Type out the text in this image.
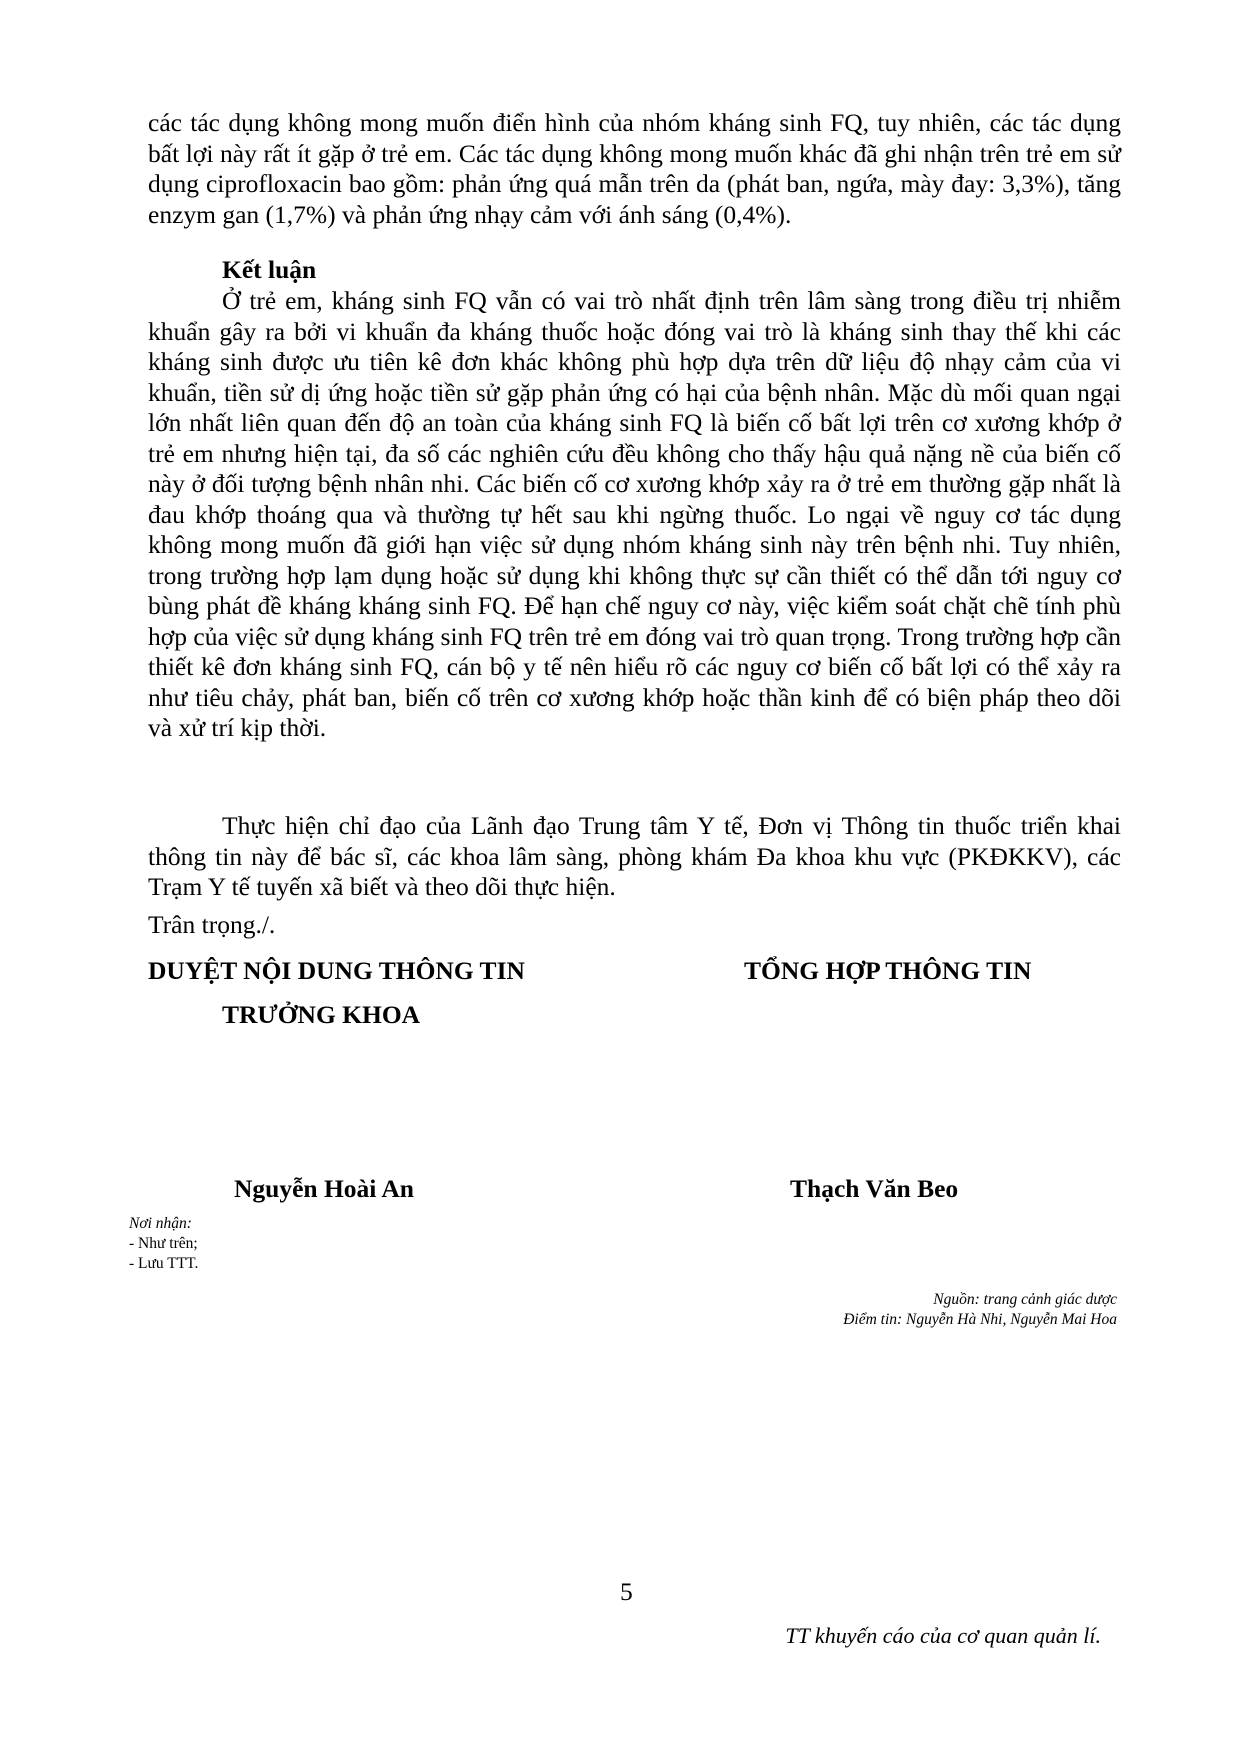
các tác dụng không mong muốn điển hình của nhóm kháng sinh FQ, tuy nhiên, các tác dụng bất lợi này rất ít gặp ở trẻ em. Các tác dụng không mong muốn khác đã ghi nhận trên trẻ em sử dụng ciprofloxacin bao gồm: phản ứng quá mẫn trên da (phát ban, ngứa, mày đay: 3,3%), tăng enzym gan (1,7%) và phản ứng nhạy cảm với ánh sáng (0,4%).

Kết luận

Ở trẻ em, kháng sinh FQ vẫn có vai trò nhất định trên lâm sàng trong điều trị nhiễm khuẩn gây ra bởi vi khuẩn đa kháng thuốc hoặc đóng vai trò là kháng sinh thay thế khi các kháng sinh được ưu tiên kê đơn khác không phù hợp dựa trên dữ liệu độ nhạy cảm của vi khuẩn, tiền sử dị ứng hoặc tiền sử gặp phản ứng có hại của bệnh nhân. Mặc dù mối quan ngại lớn nhất liên quan đến độ an toàn của kháng sinh FQ là biến cố bất lợi trên cơ xương khớp ở trẻ em nhưng hiện tại, đa số các nghiên cứu đều không cho thấy hậu quả nặng nề của biến cố này ở đối tượng bệnh nhân nhi. Các biến cố cơ xương khớp xảy ra ở trẻ em thường gặp nhất là đau khớp thoáng qua và thường tự hết sau khi ngừng thuốc. Lo ngại về nguy cơ tác dụng không mong muốn đã giới hạn việc sử dụng nhóm kháng sinh này trên bệnh nhi. Tuy nhiên, trong trường hợp lạm dụng hoặc sử dụng khi không thực sự cần thiết có thể dẫn tới nguy cơ bùng phát đề kháng kháng sinh FQ. Để hạn chế nguy cơ này, việc kiểm soát chặt chẽ tính phù hợp của việc sử dụng kháng sinh FQ trên trẻ em đóng vai trò quan trọng. Trong trường hợp cần thiết kê đơn kháng sinh FQ, cán bộ y tế nên hiểu rõ các nguy cơ biến cố bất lợi có thể xảy ra như tiêu chảy, phát ban, biến cố trên cơ xương khớp hoặc thần kinh để có biện pháp theo dõi và xử trí kịp thời.

Thực hiện chỉ đạo của Lãnh đạo Trung tâm Y tế, Đơn vị Thông tin thuốc triển khai thông tin này để bác sĩ, các khoa lâm sàng, phòng khám Đa khoa khu vực (PKĐKKV), các Trạm Y tế tuyến xã biết và theo dõi thực hiện.

Trân trọng./.

DUYỆT NỘI DUNG THÔNG TIN

TRƯỞNG KHOA

TỔNG HỢP THÔNG TIN

Nguyễn Hoài An	Thạch Văn Beo

Nơi nhận:
- Như trên;
- Lưu TTT.
Nguồn: trang cảnh giác dược
Điểm tin: Nguyễn Hà Nhi, Nguyễn Mai Hoa

5

TT khuyến cáo của cơ quan quản lí.
